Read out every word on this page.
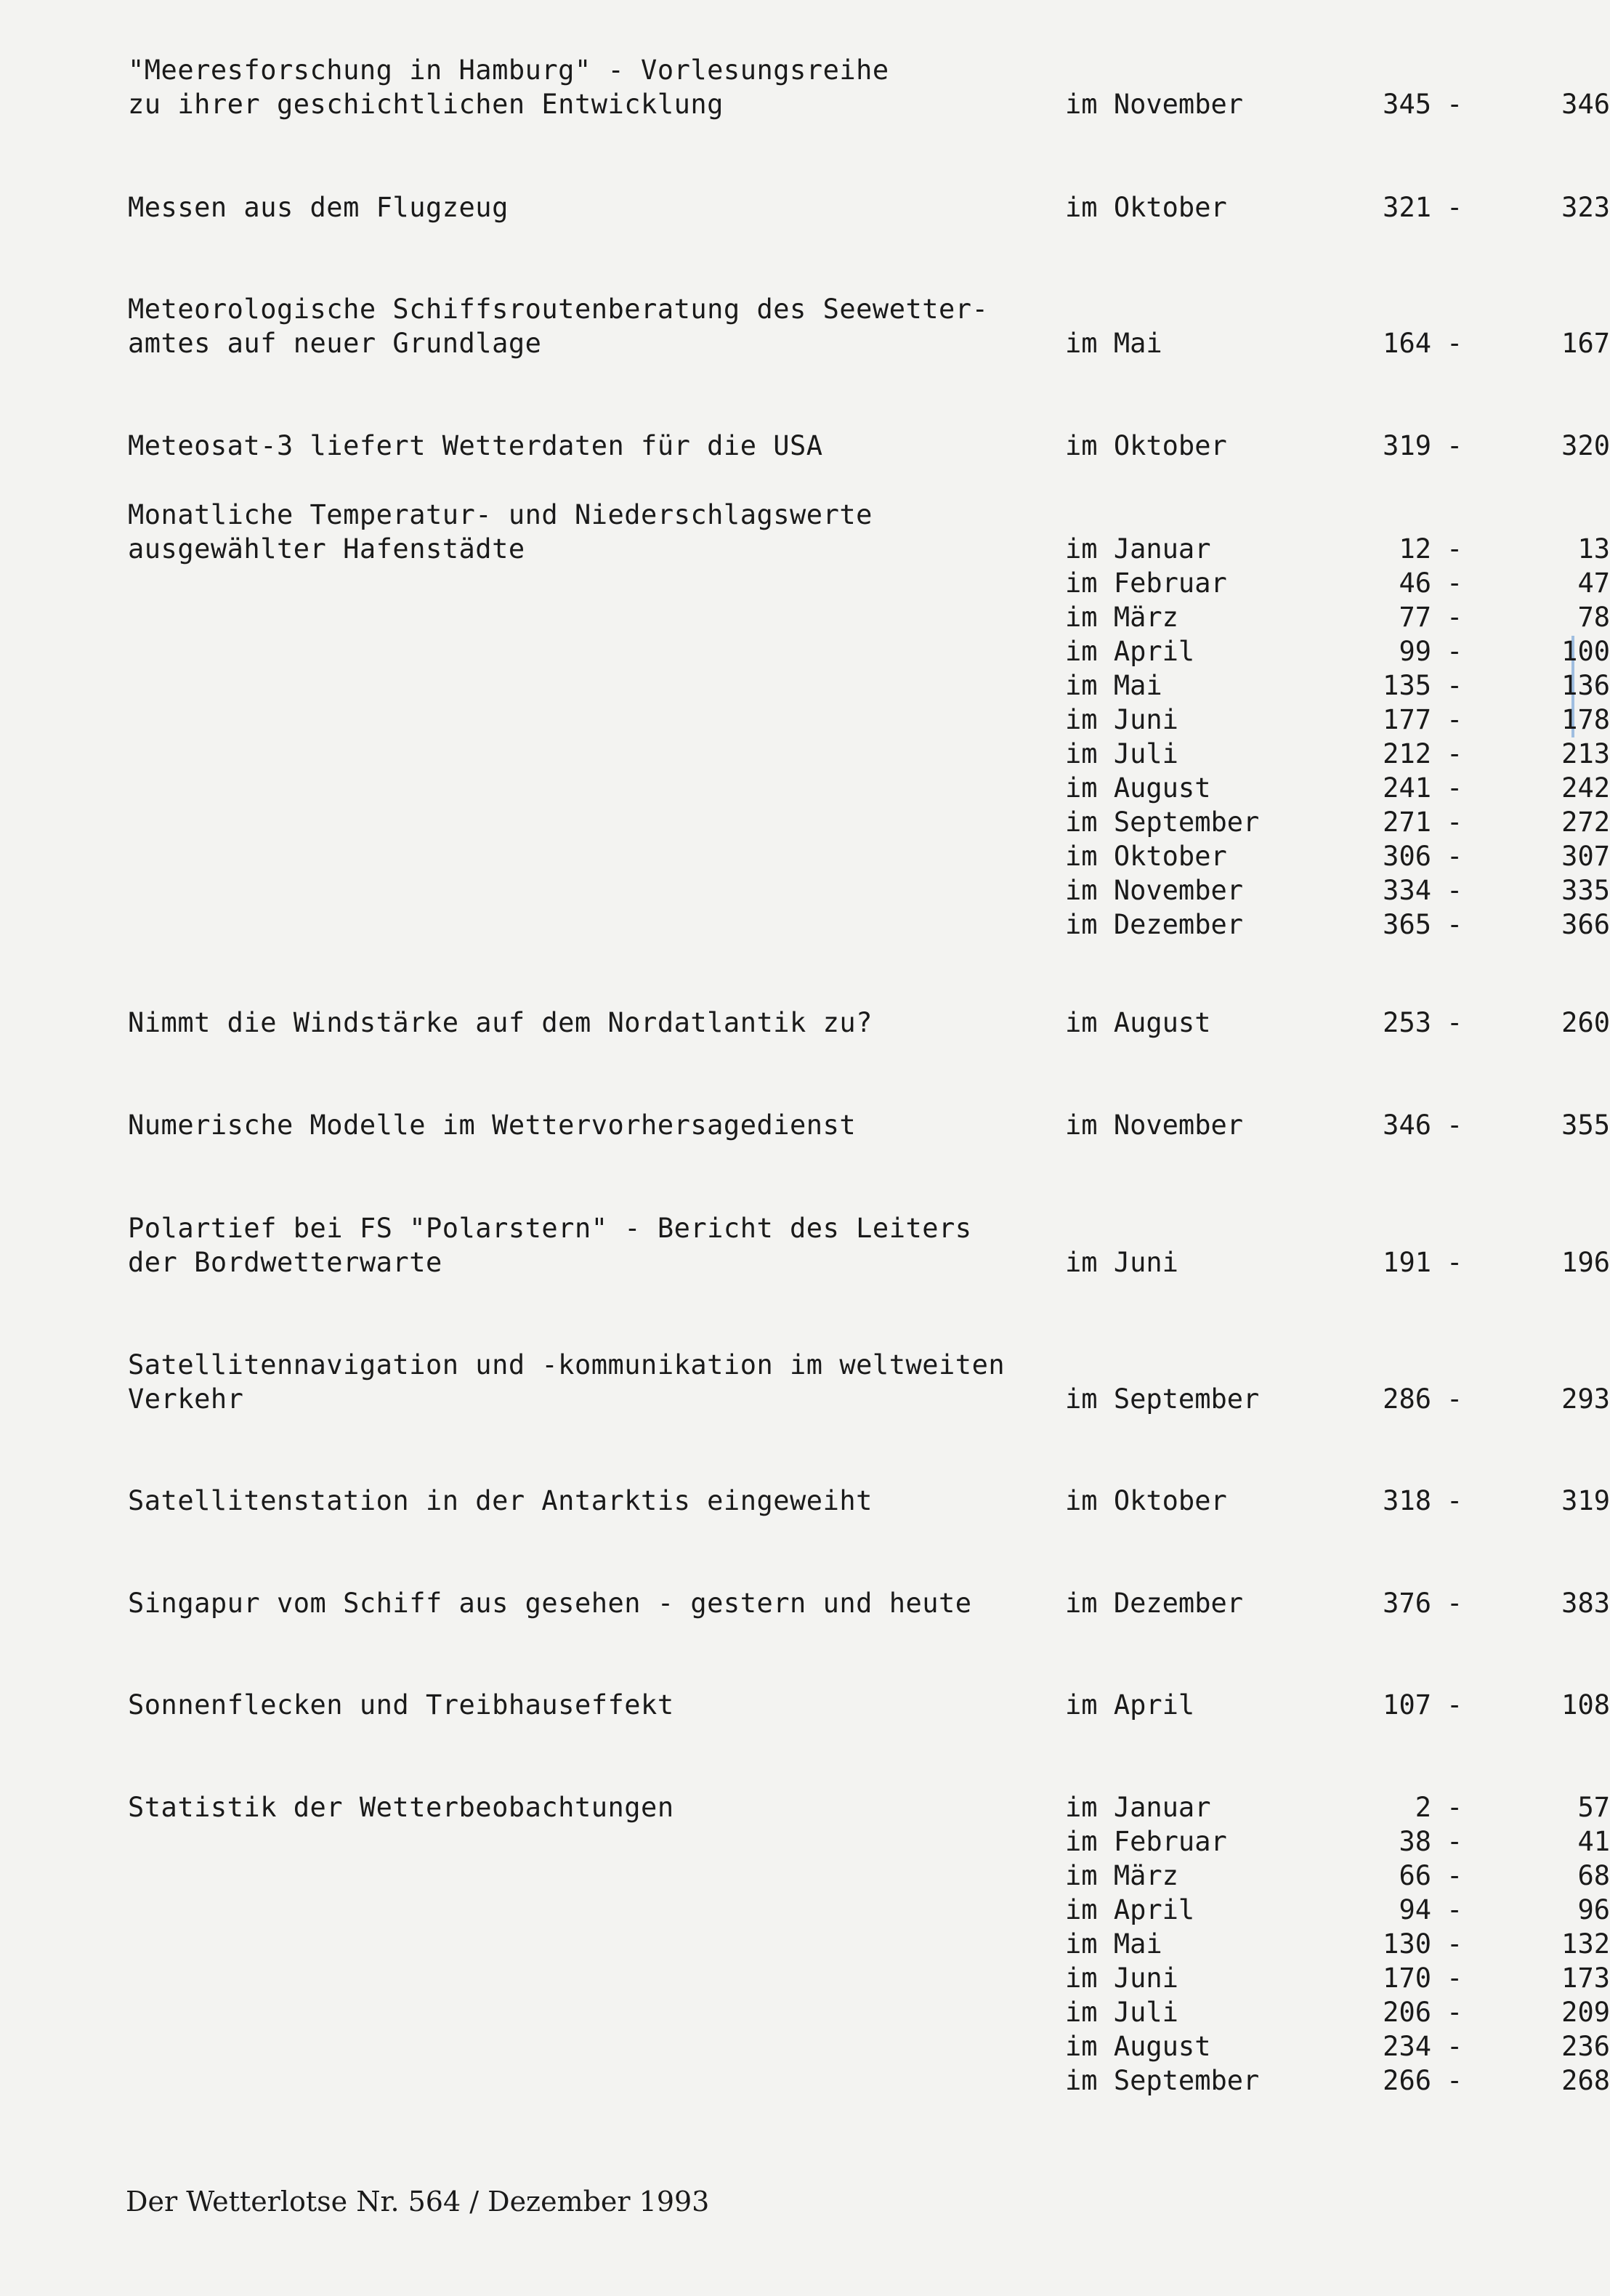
"Meeresforschung in Hamburg" - Vorlesungsreihe
zu ihrer geschichtlichen Entwicklung	im November	345 -	346
Messen aus dem Flugzeug	im Oktober	321 -	323
Meteorologische Schiffsroutenberatung des Seewetter-
amtes auf neuer Grundlage	im Mai	164 -	167
Meteosat-3 liefert Wetterdaten für die USA	im Oktober	319 -	320
Monatliche Temperatur- und Niederschlagswerte
ausgewählter Hafenstädte	im Januar	12 -	13
im Februar	46 -	47
im März	77 -	78
im April	99 -	100
im Mai	135 -	136
im Juni	177 -	178
im Juli	212 -	213
im August	241 -	242
im September	271 -	272
im Oktober	306 -	307
im November	334 -	335
im Dezember	365 -	366
Nimmt die Windstärke auf dem Nordatlantik zu?	im August	253 -	260
Numerische Modelle im Wettervorhersagedienst	im November	346 -	355
Polartief bei FS "Polarstern" - Bericht des Leiters
der Bordwetterwarte	im Juni	191 -	196
Satellitennavigation und -kommunikation im weltweiten
Verkehr	im September	286 -	293
Satellitenstation in der Antarktis eingeweiht	im Oktober	318 -	319
Singapur vom Schiff aus gesehen - gestern und heute	im Dezember	376 -	383
Sonnenflecken und Treibhauseffekt	im April	107 -	108
Statistik der Wetterbeobachtungen	im Januar	2 -	57
im Februar	38 -	41
im März	66 -	68
im April	94 -	96
im Mai	130 -	132
im Juni	170 -	173
im Juli	206 -	209
im August	234 -	236
im September	266 -	268
Der Wetterlotse Nr. 564 / Dezember 1993
